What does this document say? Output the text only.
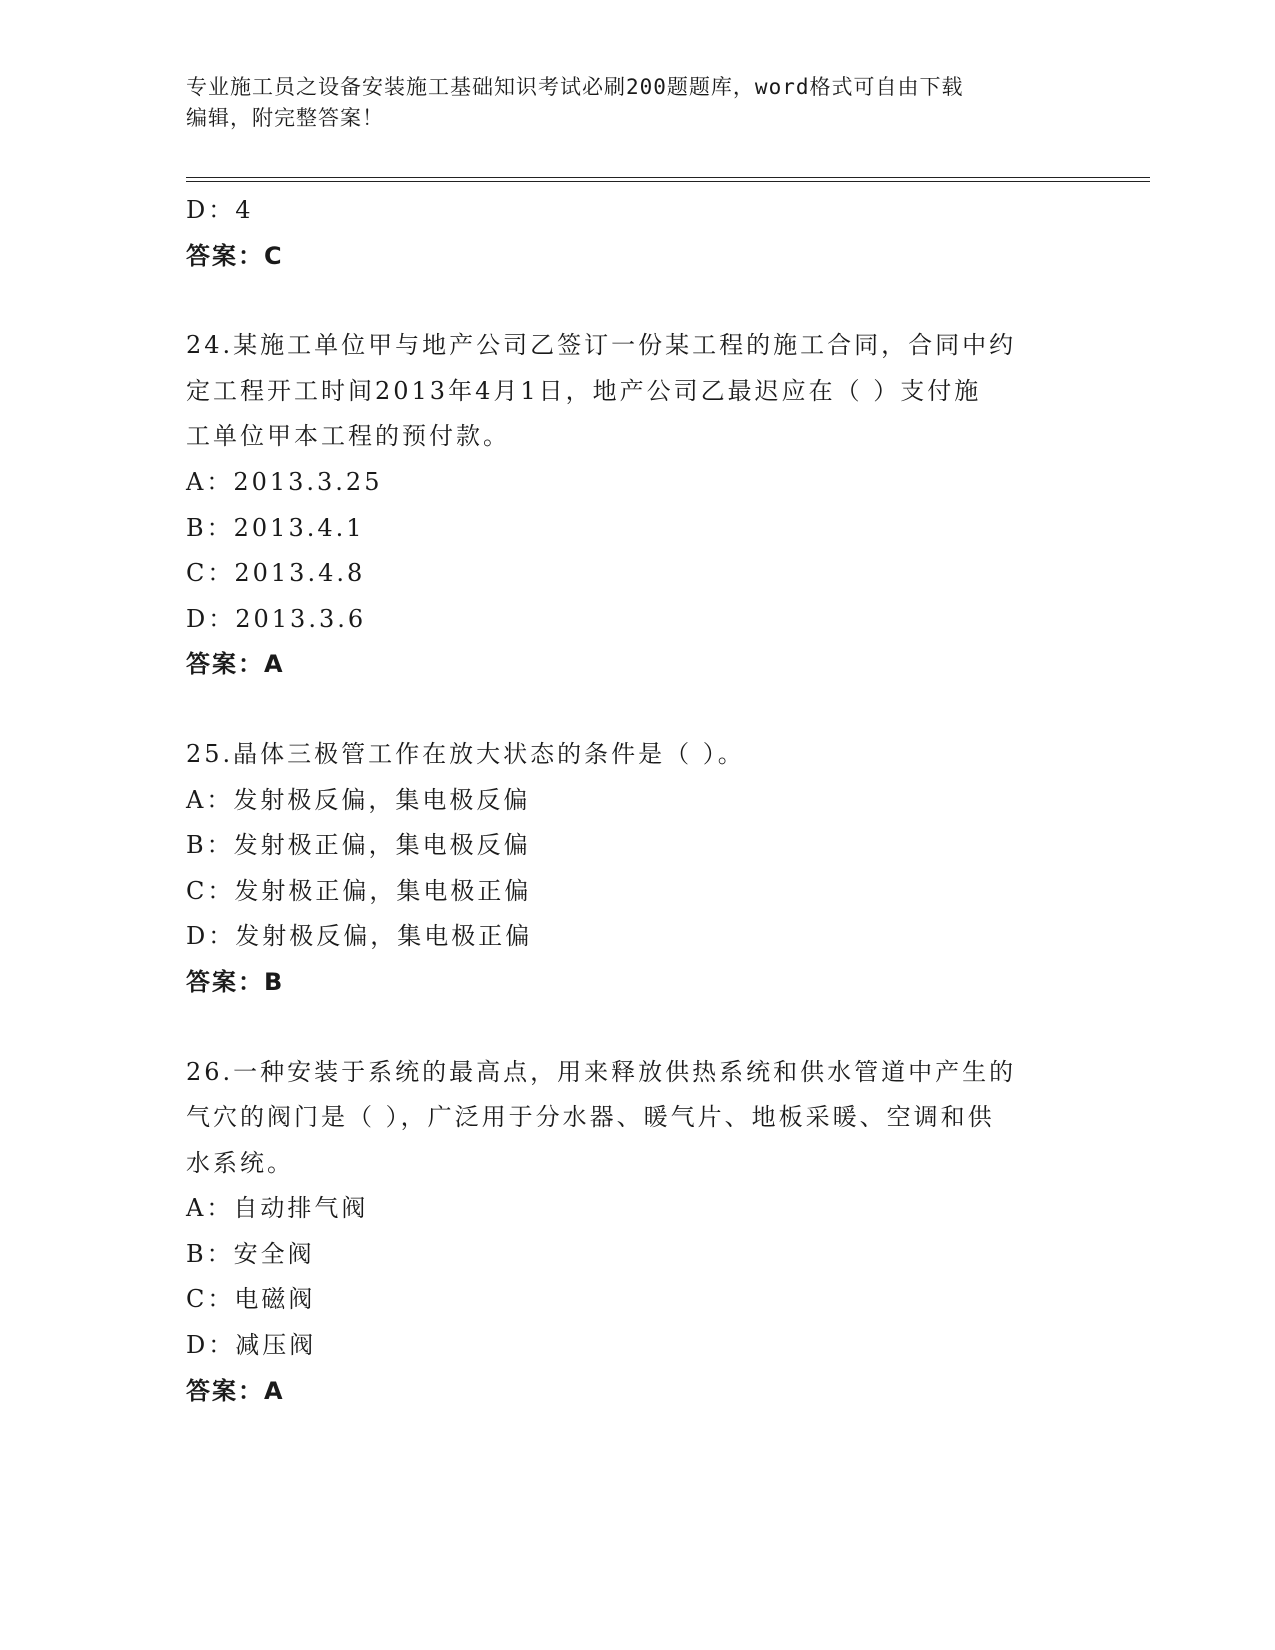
专业施工员之设备安装施工基础知识考试必刷200题题库，word格式可自由下载
编辑，附完整答案！
D：4
答案：C
24.某施工单位甲与地产公司乙签订一份某工程的施工合同，合同中约
定工程开工时间2013年4月1日，地产公司乙最迟应在（ ）支付施
工单位甲本工程的预付款。
A：2013.3.25
B：2013.4.1
C：2013.4.8
D：2013.3.6
答案：A
25.晶体三极管工作在放大状态的条件是（ ）。
A：发射极反偏，集电极反偏
B：发射极正偏，集电极反偏
C：发射极正偏，集电极正偏
D：发射极反偏，集电极正偏
答案：B
26.一种安装于系统的最高点，用来释放供热系统和供水管道中产生的
气穴的阀门是（ ），广泛用于分水器、暖气片、地板采暖、空调和供
水系统。
A：自动排气阀
B：安全阀
C：电磁阀
D：减压阀
答案：A
